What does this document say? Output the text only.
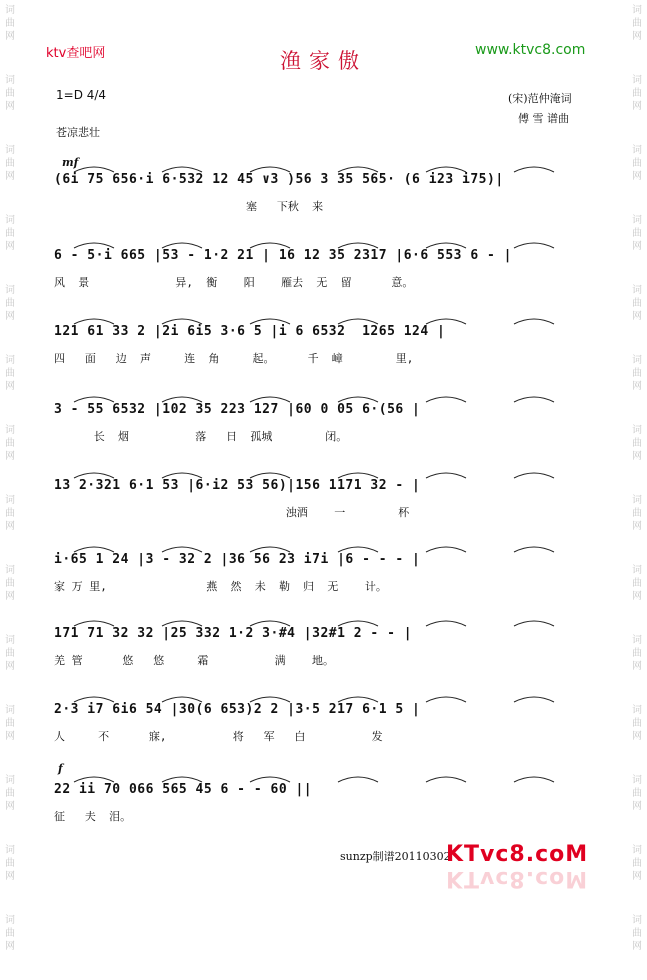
词
曲
网
词
曲
网
词
曲
网
词
曲
网
词
曲
网
词
曲
网
词
曲
网
词
曲
网
词
曲
网
词
曲
网
词
曲
网
词
曲
网
词
曲
网
词
曲
网
词
曲
网
词
曲
网
词
曲
网
词
曲
网
词
曲
网
词
曲
网
词
曲
网
词
曲
网
词
曲
网
词
曲
网
词
曲
网
词
曲
网
词
曲
网
词
曲
网
ktv查吧网	www.ktvc8.com
渔家傲
1=D 4/4	(宋)范仲淹词
傅 雪 谱曲
苍凉悲壮
mf
f
(6i 75 656·i 6·532 12 45 ∨3 )56 3 35 565· (6 i23 i75)|
塞   下秋  来
6 - 5·i 665 |53 - 1·2 21 | 16 12 35 2317 |6·6 553 6 - |
风  景             异,  衡    阳    雁去  无  留      意。
121 61 33 2 |2i 6i5 3·6 5 |i 6 6532  1265 124 |
四   面   边  声     连  角     起。     千  嶂        里,
3 - 55 6532 |102 35 223 127 |60 0 05 6·(56 |
长  烟          落   日  孤城        闭。
13 2·321 6·1 53 |6·i2 53 56)|156 1171 32 - |
浊酒    一        杯
i·65 1 24 |3 - 32 2 |36 56 23 i7i |6 - - - |
家 万 里,               燕  然  未  勒  归  无    计。
171 71 32 32 |25 332 1·2 3·#4 |32#1 2 - - |
羌 管      悠   悠     霜          满    地。
2·3 i7 6i6 54 |30(6 653)2 2 |3·5 217 6·1 5 |
人     不      寐,          将   军   白          发
22 ii 70 066 565 45 6 - - 60 ||
征   夫  泪。
sunzp制谱20110302
KTvc8.coM
KTvc8.coM
